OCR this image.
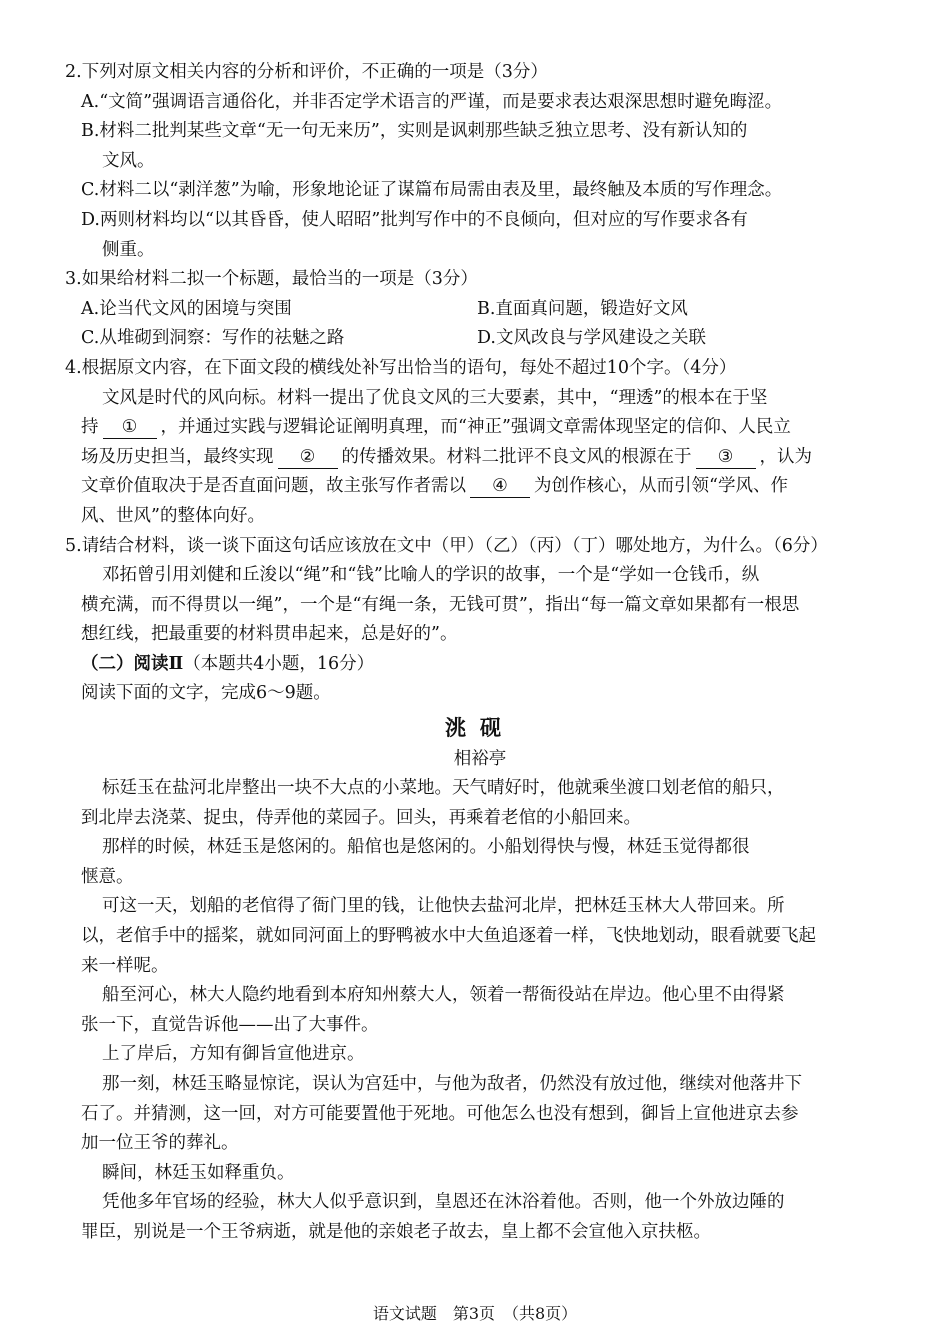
2.下列对原文相关内容的分析和评价，不正确的一项是（3分）
A.“文简”强调语言通俗化，并非否定学术语言的严谨，而是要求表达艰深思想时避免晦涩。
B.材料二批判某些文章“无一句无来历”，实则是讽刺那些缺乏独立思考、没有新认知的
文风。
C.材料二以“剥洋葱”为喻，形象地论证了谋篇布局需由表及里，最终触及本质的写作理念。
D.两则材料均以“以其昏昏，使人昭昭”批判写作中的不良倾向，但对应的写作要求各有
侧重。
3.如果给材料二拟一个标题，最恰当的一项是（3分）
A.论当代文风的困境与突围	B.直面真问题，锻造好文风
C.从堆砌到洞察：写作的祛魅之路	D.文风改良与学风建设之关联
4.根据原文内容，在下面文段的横线处补写出恰当的语句，每处不超过10个字。（4分）
文风是时代的风向标。材料一提出了优良文风的三大要素，其中，“理透”的根本在于坚
持 ① ，并通过实践与逻辑论证阐明真理，而“神正”强调文章需体现坚定的信仰、人民立
场及历史担当，最终实现 ② 的传播效果。材料二批评不良文风的根源在于 ③ ，认为
文章价值取决于是否直面问题，故主张写作者需以 ④ 为创作核心，从而引领“学风、作
风、世风”的整体向好。
5.请结合材料，谈一谈下面这句话应该放在文中（甲）（乙）（丙）（丁）哪处地方，为什么。（6分）
邓拓曾引用刘健和丘浚以“绳”和“钱”比喻人的学识的故事，一个是“学如一仓钱币，纵
横充满，而不得贯以一绳”，一个是“有绳一条，无钱可贯”，指出“每一篇文章如果都有一根思
想红线，把最重要的材料贯串起来，总是好的”。
（二）阅读Ⅱ（本题共4小题，16分）
阅读下面的文字，完成6～9题。
洮砚
相裕亭
标廷玉在盐河北岸整出一块不大点的小菜地。天气晴好时，他就乘坐渡口划老倌的船只，
到北岸去浇菜、捉虫，侍弄他的菜园子。回头，再乘着老倌的小船回来。
那样的时候，林廷玉是悠闲的。船倌也是悠闲的。小船划得快与慢，林廷玉觉得都很
惬意。
可这一天，划船的老倌得了衙门里的钱，让他快去盐河北岸，把林廷玉林大人带回来。所
以，老倌手中的摇桨，就如同河面上的野鸭被水中大鱼追逐着一样，飞快地划动，眼看就要飞起
来一样呢。
船至河心，林大人隐约地看到本府知州蔡大人，领着一帮衙役站在岸边。他心里不由得紧
张一下，直觉告诉他——出了大事件。
上了岸后，方知有御旨宣他进京。
那一刻，林廷玉略显惊诧，误认为宫廷中，与他为敌者，仍然没有放过他，继续对他落井下
石了。并猜测，这一回，对方可能要置他于死地。可他怎么也没有想到，御旨上宣他进京去参
加一位王爷的葬礼。
瞬间，林廷玉如释重负。
凭他多年官场的经验，林大人似乎意识到，皇恩还在沐浴着他。否则，他一个外放边陲的
罪臣，别说是一个王爷病逝，就是他的亲娘老子故去，皇上都不会宣他入京扶柩。
语文试题　第3页　（共8页）
